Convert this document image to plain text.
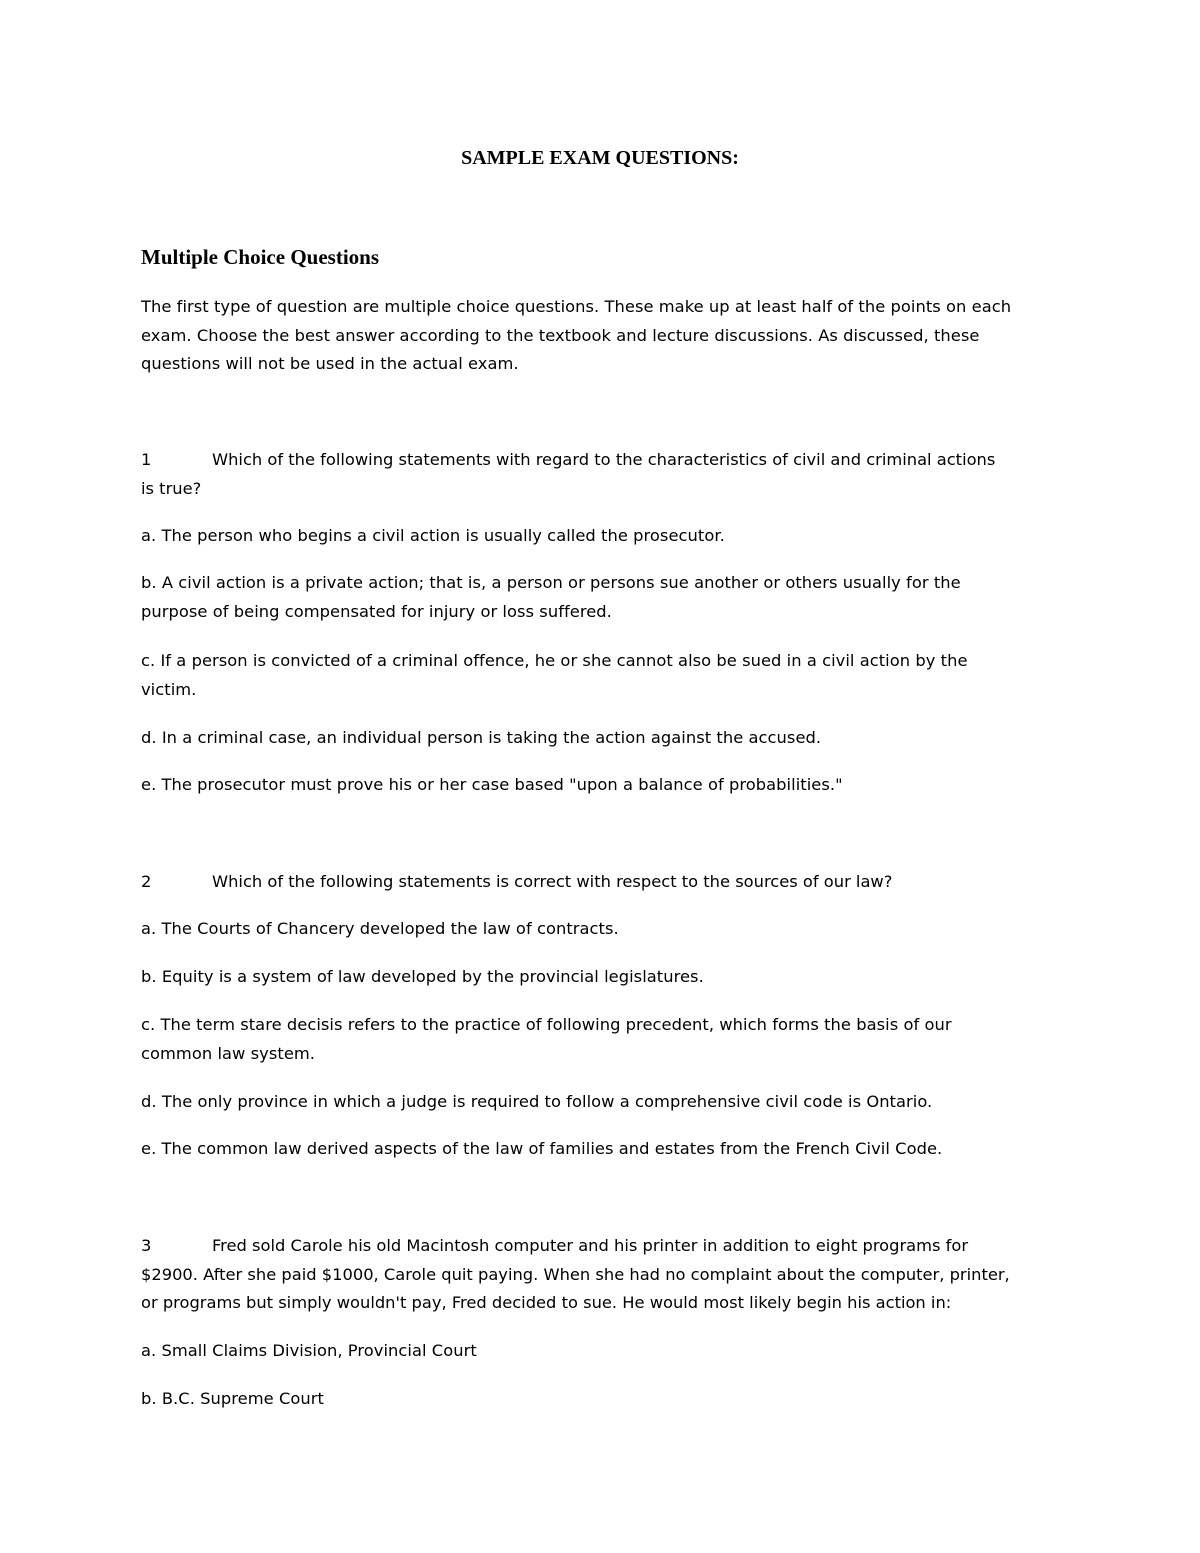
SAMPLE EXAM QUESTIONS:
Multiple Choice Questions

The first type of question are multiple choice questions. These make up at least half of the points on each
exam. Choose the best answer according to the textbook and lecture discussions. As discussed, these
questions will not be used in the actual exam.

1	Which of the following statements with regard to the characteristics of civil and criminal actions
is true?

a. The person who begins a civil action is usually called the prosecutor.

b. A civil action is a private action; that is, a person or persons sue another or others usually for the
purpose of being compensated for injury or loss suffered.

c. If a person is convicted of a criminal offence, he or she cannot also be sued in a civil action by the
victim.

d. In a criminal case, an individual person is taking the action against the accused.

e. The prosecutor must prove his or her case based "upon a balance of probabilities."

2	Which of the following statements is correct with respect to the sources of our law?

a. The Courts of Chancery developed the law of contracts.

b. Equity is a system of law developed by the provincial legislatures.

c. The term stare decisis refers to the practice of following precedent, which forms the basis of our
common law system.

d. The only province in which a judge is required to follow a comprehensive civil code is Ontario.

e. The common law derived aspects of the law of families and estates from the French Civil Code.

3	Fred sold Carole his old Macintosh computer and his printer in addition to eight programs for
$2900. After she paid $1000, Carole quit paying. When she had no complaint about the computer, printer,
or programs but simply wouldn't pay, Fred decided to sue. He would most likely begin his action in:

a. Small Claims Division, Provincial Court

b. B.C. Supreme Court
